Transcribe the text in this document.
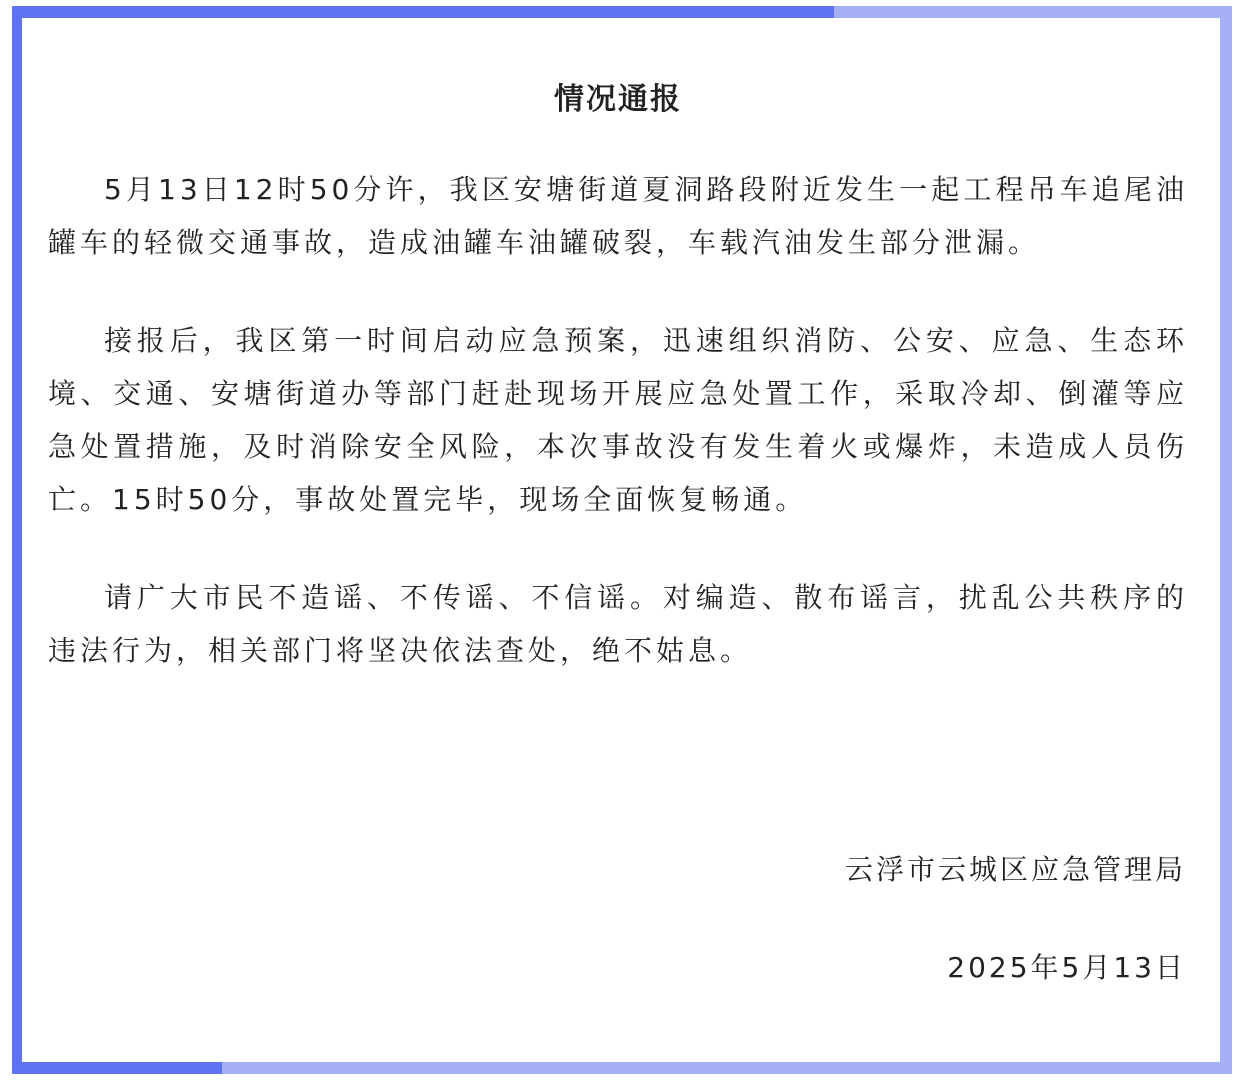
情况通报

5月13日12时50分许，我区安塘街道夏洞路段附近发生一起工程吊车追尾油罐车的轻微交通事故，造成油罐车油罐破裂，车载汽油发生部分泄漏。

接报后，我区第一时间启动应急预案，迅速组织消防、公安、应急、生态环境、交通、安塘街道办等部门赶赴现场开展应急处置工作，采取冷却、倒灌等应急处置措施，及时消除安全风险，本次事故没有发生着火或爆炸，未造成人员伤亡。15时50分，事故处置完毕，现场全面恢复畅通。

请广大市民不造谣、不传谣、不信谣。对编造、散布谣言，扰乱公共秩序的违法行为，相关部门将坚决依法查处，绝不姑息。

云浮市云城区应急管理局
2025年5月13日
